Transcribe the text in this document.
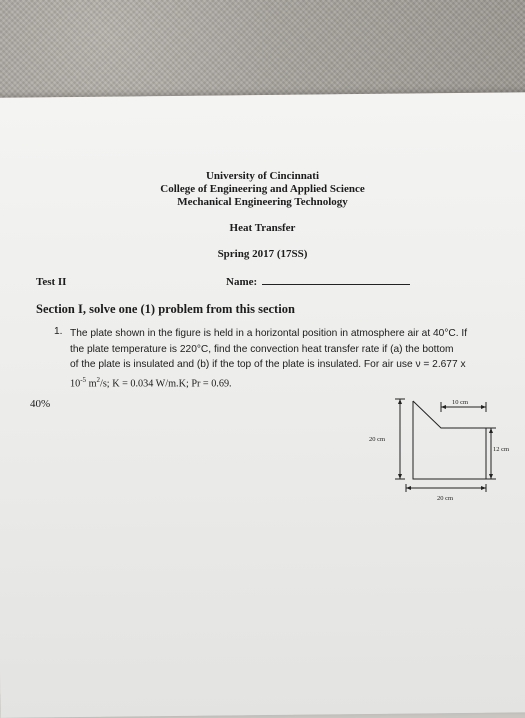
University of Cincinnati
College of Engineering and Applied Science
Mechanical Engineering Technology
Heat Transfer
Spring 2017 (17SS)
Test II	Name:
Section I, solve one (1) problem from this section
1. The plate shown in the figure is held in a horizontal position in atmosphere air at 40°C. If
the plate temperature is 220°C, find the convection heat transfer rate if (a) the bottom
of the plate is insulated and (b) if the top of the plate is insulated. For air use ν = 2.677 x
$10^{-5}$ $m^2/s$; K = 0.034 W/m.K; Pr = 0.69.
40%	10 cm
20 cm
12 cm
20 cm
